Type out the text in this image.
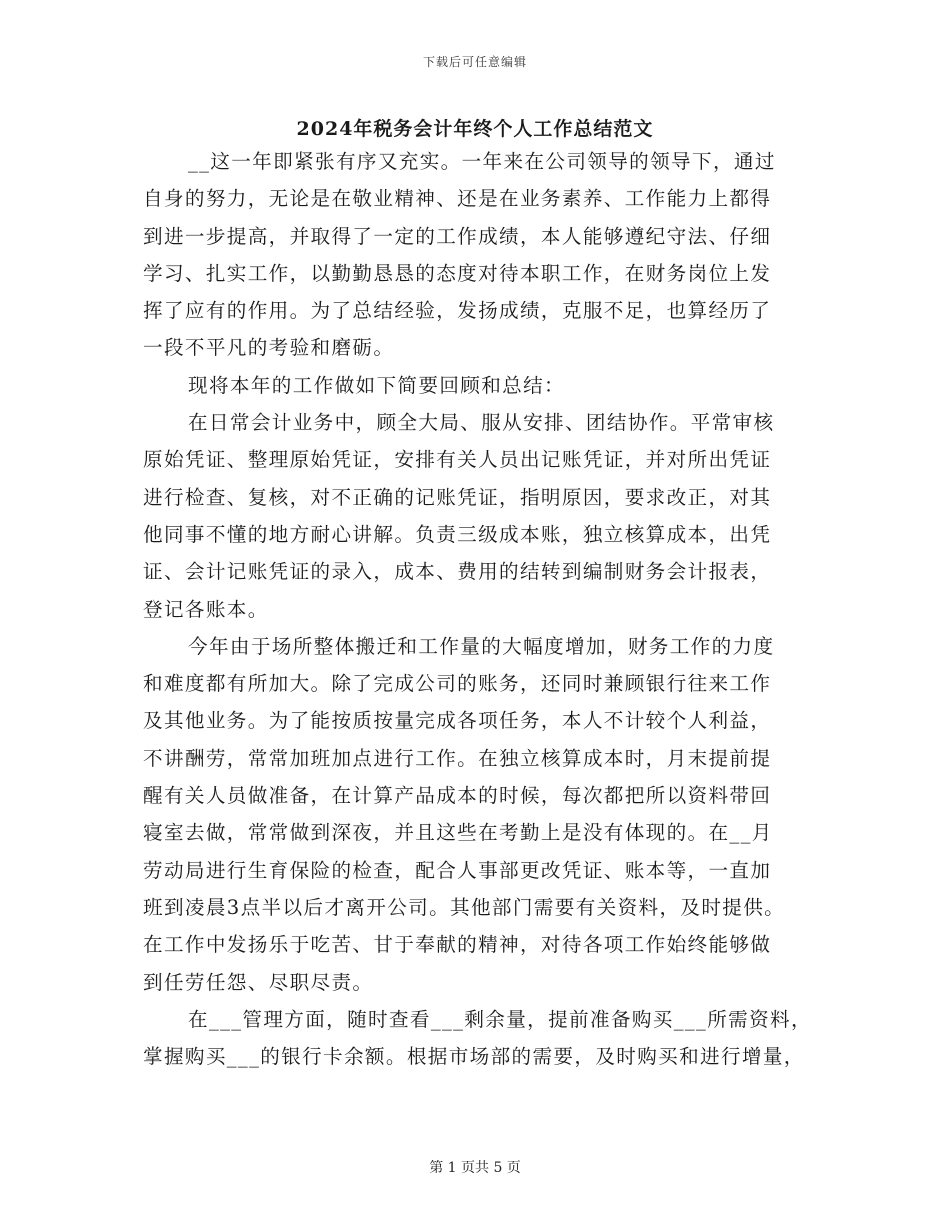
下载后可任意编辑
2024年税务会计年终个人工作总结范文
__这一年即紧张有序又充实。一年来在公司领导的领导下，通过
自身的努力，无论是在敬业精神、还是在业务素养、工作能力上都得
到进一步提高，并取得了一定的工作成绩，本人能够遵纪守法、仔细
学习、扎实工作，以勤勤恳恳的态度对待本职工作，在财务岗位上发
挥了应有的作用。为了总结经验，发扬成绩，克服不足，也算经历了
一段不平凡的考验和磨砺。
现将本年的工作做如下简要回顾和总结：
在日常会计业务中，顾全大局、服从安排、团结协作。平常审核
原始凭证、整理原始凭证，安排有关人员出记账凭证，并对所出凭证
进行检查、复核，对不正确的记账凭证，指明原因，要求改正，对其
他同事不懂的地方耐心讲解。负责三级成本账，独立核算成本，出凭
证、会计记账凭证的录入，成本、费用的结转到编制财务会计报表，
登记各账本。
今年由于场所整体搬迁和工作量的大幅度增加，财务工作的力度
和难度都有所加大。除了完成公司的账务，还同时兼顾银行往来工作
及其他业务。为了能按质按量完成各项任务，本人不计较个人利益，
不讲酬劳，常常加班加点进行工作。在独立核算成本时，月末提前提
醒有关人员做准备，在计算产品成本的时候，每次都把所以资料带回
寝室去做，常常做到深夜，并且这些在考勤上是没有体现的。在__月
劳动局进行生育保险的检查，配合人事部更改凭证、账本等，一直加
班到凌晨3点半以后才离开公司。其他部门需要有关资料，及时提供。
在工作中发扬乐于吃苦、甘于奉献的精神，对待各项工作始终能够做
到任劳任怨、尽职尽责。
在___管理方面，随时查看___剩余量，提前准备购买___所需资料，
掌握购买___的银行卡余额。根据市场部的需要，及时购买和进行增量，
第 1 页共 5 页
